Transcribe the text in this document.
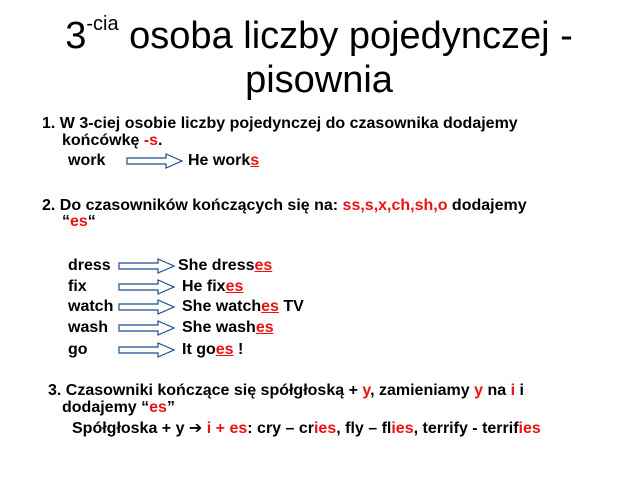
$3^{-cia}$ osoba liczby pojedynczej -
pisownia
1. W 3-ciej osobie liczby pojedynczej do czasownika dodajemy
końcówkę -s.
work	He works
2. Do czasowników kończących się na: ss,s,x,ch,sh,o dodajemy
“es“
dress	She dresses
fix	He fixes
watch	She watches TV
wash	She washes
go	It goes !
3. Czasowniki kończące się spółgłoską + y, zamieniamy y na i i
dodajemy “es”
Spółgłoska + y ➔ i + es: cry – cries, fly – flies, terrify - terrifies
